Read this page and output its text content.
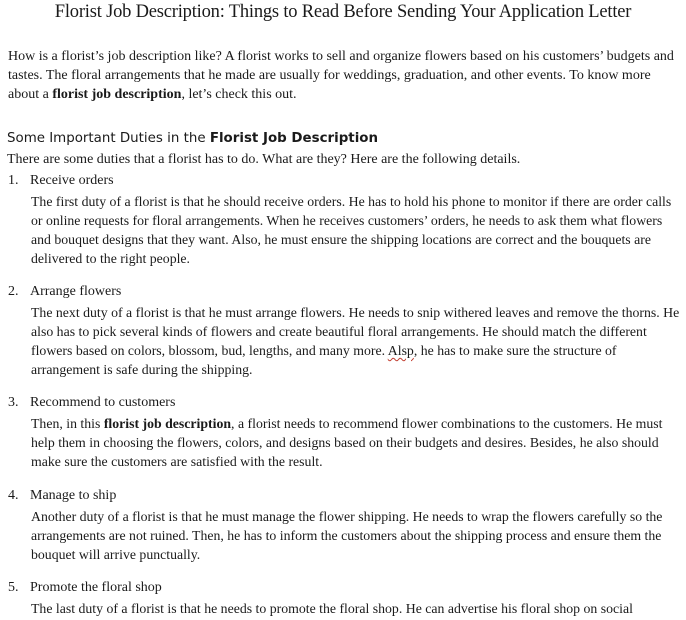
Florist Job Description: Things to Read Before Sending Your Application Letter

How is a florist’s job description like? A florist works to sell and organize flowers based on his customers’ budgets and tastes. The floral arrangements that he made are usually for weddings, graduation, and other events. To know more about a florist job description, let’s check this out.

Some Important Duties in the Florist Job Description
There are some duties that a florist has to do. What are they? Here are the following details.
1. Receive orders

The first duty of a florist is that he should receive orders. He has to hold his phone to monitor if there are order calls or online requests for floral arrangements. When he receives customers’ orders, he needs to ask them what flowers and bouquet designs that they want. Also, he must ensure the shipping locations are correct and the bouquets are delivered to the right people.

2. Arrange flowers

The next duty of a florist is that he must arrange flowers. He needs to snip withered leaves and remove the thorns. He also has to pick several kinds of flowers and create beautiful floral arrangements. He should match the different flowers based on colors, blossom, bud, lengths, and many more. Alsp, he has to make sure the structure of arrangement is safe during the shipping.

3. Recommend to customers

Then, in this florist job description, a florist needs to recommend flower combinations to the customers. He must help them in choosing the flowers, colors, and designs based on their budgets and desires. Besides, he also should make sure the customers are satisfied with the result.

4. Manage to ship

Another duty of a florist is that he must manage the flower shipping. He needs to wrap the flowers carefully so the arrangements are not ruined. Then, he has to inform the customers about the shipping process and ensure them the bouquet will arrive punctually.

5. Promote the floral shop

The last duty of a florist is that he needs to promote the floral shop. He can advertise his floral shop on social
